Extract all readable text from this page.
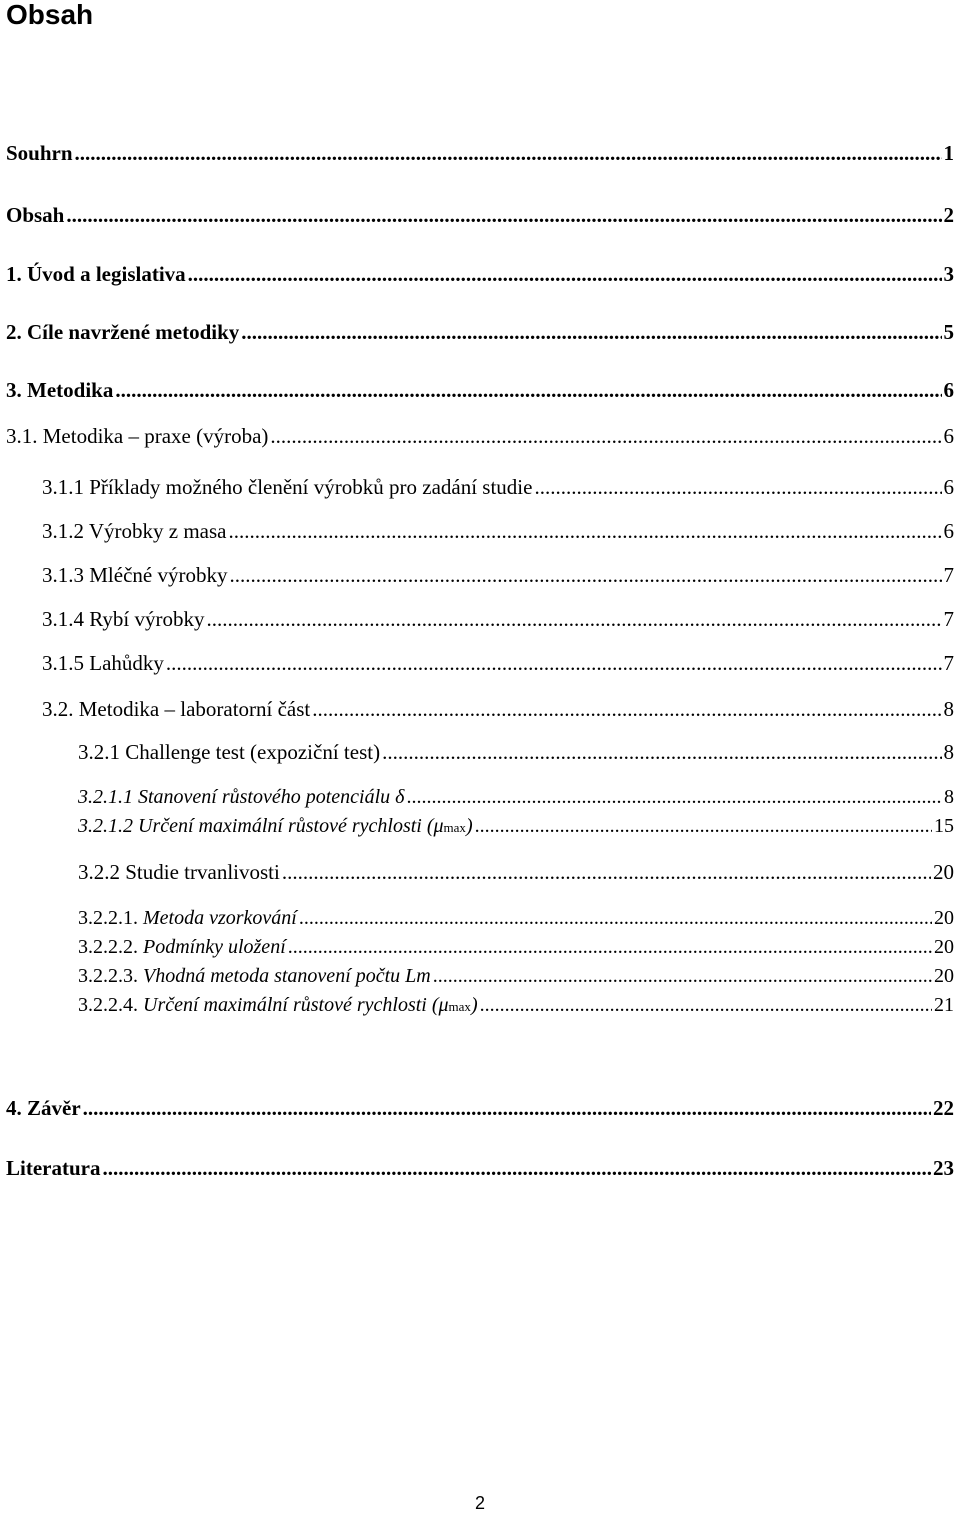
Obsah
Souhrn .....	1
Obsah .....	2
1. Úvod a legislativa .....	3
2. Cíle navržené metodiky .....	5
3. Metodika .....	6
3.1. Metodika – praxe (výroba) .....	6
3.1.1 Příklady možného členění výrobků pro zadání studie .....	6
3.1.2 Výrobky z masa .....	6
3.1.3 Mléčné výrobky .....	7
3.1.4 Rybí výrobky .....	7
3.1.5 Lahůdky .....	7
3.2. Metodika – laboratorní část .....	8
3.2.1 Challenge test (expoziční test) .....	8
3.2.1.1 Stanovení růstového potenciálu δ .....	8
3.2.1.2 Určení maximální růstové rychlosti (μmax) .....	15
3.2.2 Studie trvanlivosti .....	20
3.2.2.1. Metoda vzorkování .....	20
3.2.2.2. Podmínky uložení .....	20
3.2.2.3. Vhodná metoda stanovení počtu Lm .....	20
3.2.2.4. Určení maximální růstové rychlosti (μmax) .....	21
4. Závěr .....	22
Literatura .....	23
2
